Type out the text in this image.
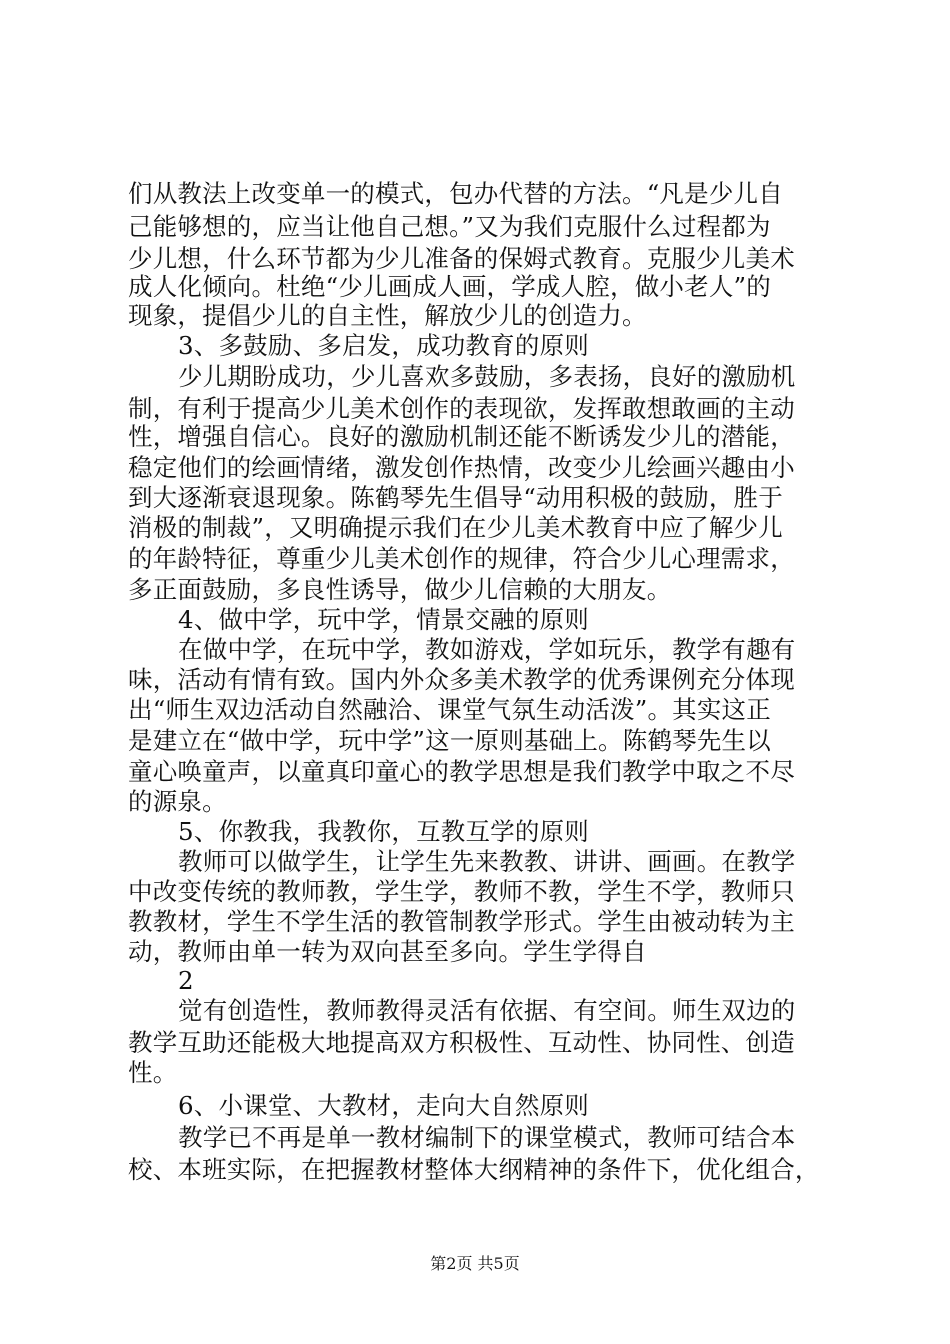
们从教法上改变单一的模式，包办代替的方法。“凡是少儿自
己能够想的，应当让他自己想。”又为我们克服什么过程都为
少儿想，什么环节都为少儿准备的保姆式教育。克服少儿美术
成人化倾向。杜绝“少儿画成人画，学成人腔，做小老人”的
现象，提倡少儿的自主性，解放少儿的创造力。
3、多鼓励、多启发，成功教育的原则
少儿期盼成功，少儿喜欢多鼓励，多表扬，良好的激励机
制，有利于提高少儿美术创作的表现欲，发挥敢想敢画的主动
性，增强自信心。良好的激励机制还能不断诱发少儿的潜能，
稳定他们的绘画情绪，激发创作热情，改变少儿绘画兴趣由小
到大逐渐衰退现象。陈鹤琴先生倡导“动用积极的鼓励，胜于
消极的制裁”，又明确提示我们在少儿美术教育中应了解少儿
的年龄特征，尊重少儿美术创作的规律，符合少儿心理需求，
多正面鼓励，多良性诱导，做少儿信赖的大朋友。
4、做中学，玩中学，情景交融的原则
在做中学，在玩中学，教如游戏，学如玩乐，教学有趣有
味，活动有情有致。国内外众多美术教学的优秀课例充分体现
出“师生双边活动自然融洽、课堂气氛生动活泼”。其实这正
是建立在“做中学，玩中学”这一原则基础上。陈鹤琴先生以
童心唤童声，以童真印童心的教学思想是我们教学中取之不尽
的源泉。
5、你教我，我教你，互教互学的原则
教师可以做学生，让学生先来教教、讲讲、画画。在教学
中改变传统的教师教，学生学，教师不教，学生不学，教师只
教教材，学生不学生活的教管制教学形式。学生由被动转为主
动，教师由单一转为双向甚至多向。学生学得自
2
觉有创造性，教师教得灵活有依据、有空间。师生双边的
教学互助还能极大地提高双方积极性、互动性、协同性、创造
性。
6、小课堂、大教材，走向大自然原则
教学已不再是单一教材编制下的课堂模式，教师可结合本
校、本班实际，在把握教材整体大纲精神的条件下，优化组合，
第2页 共5页
